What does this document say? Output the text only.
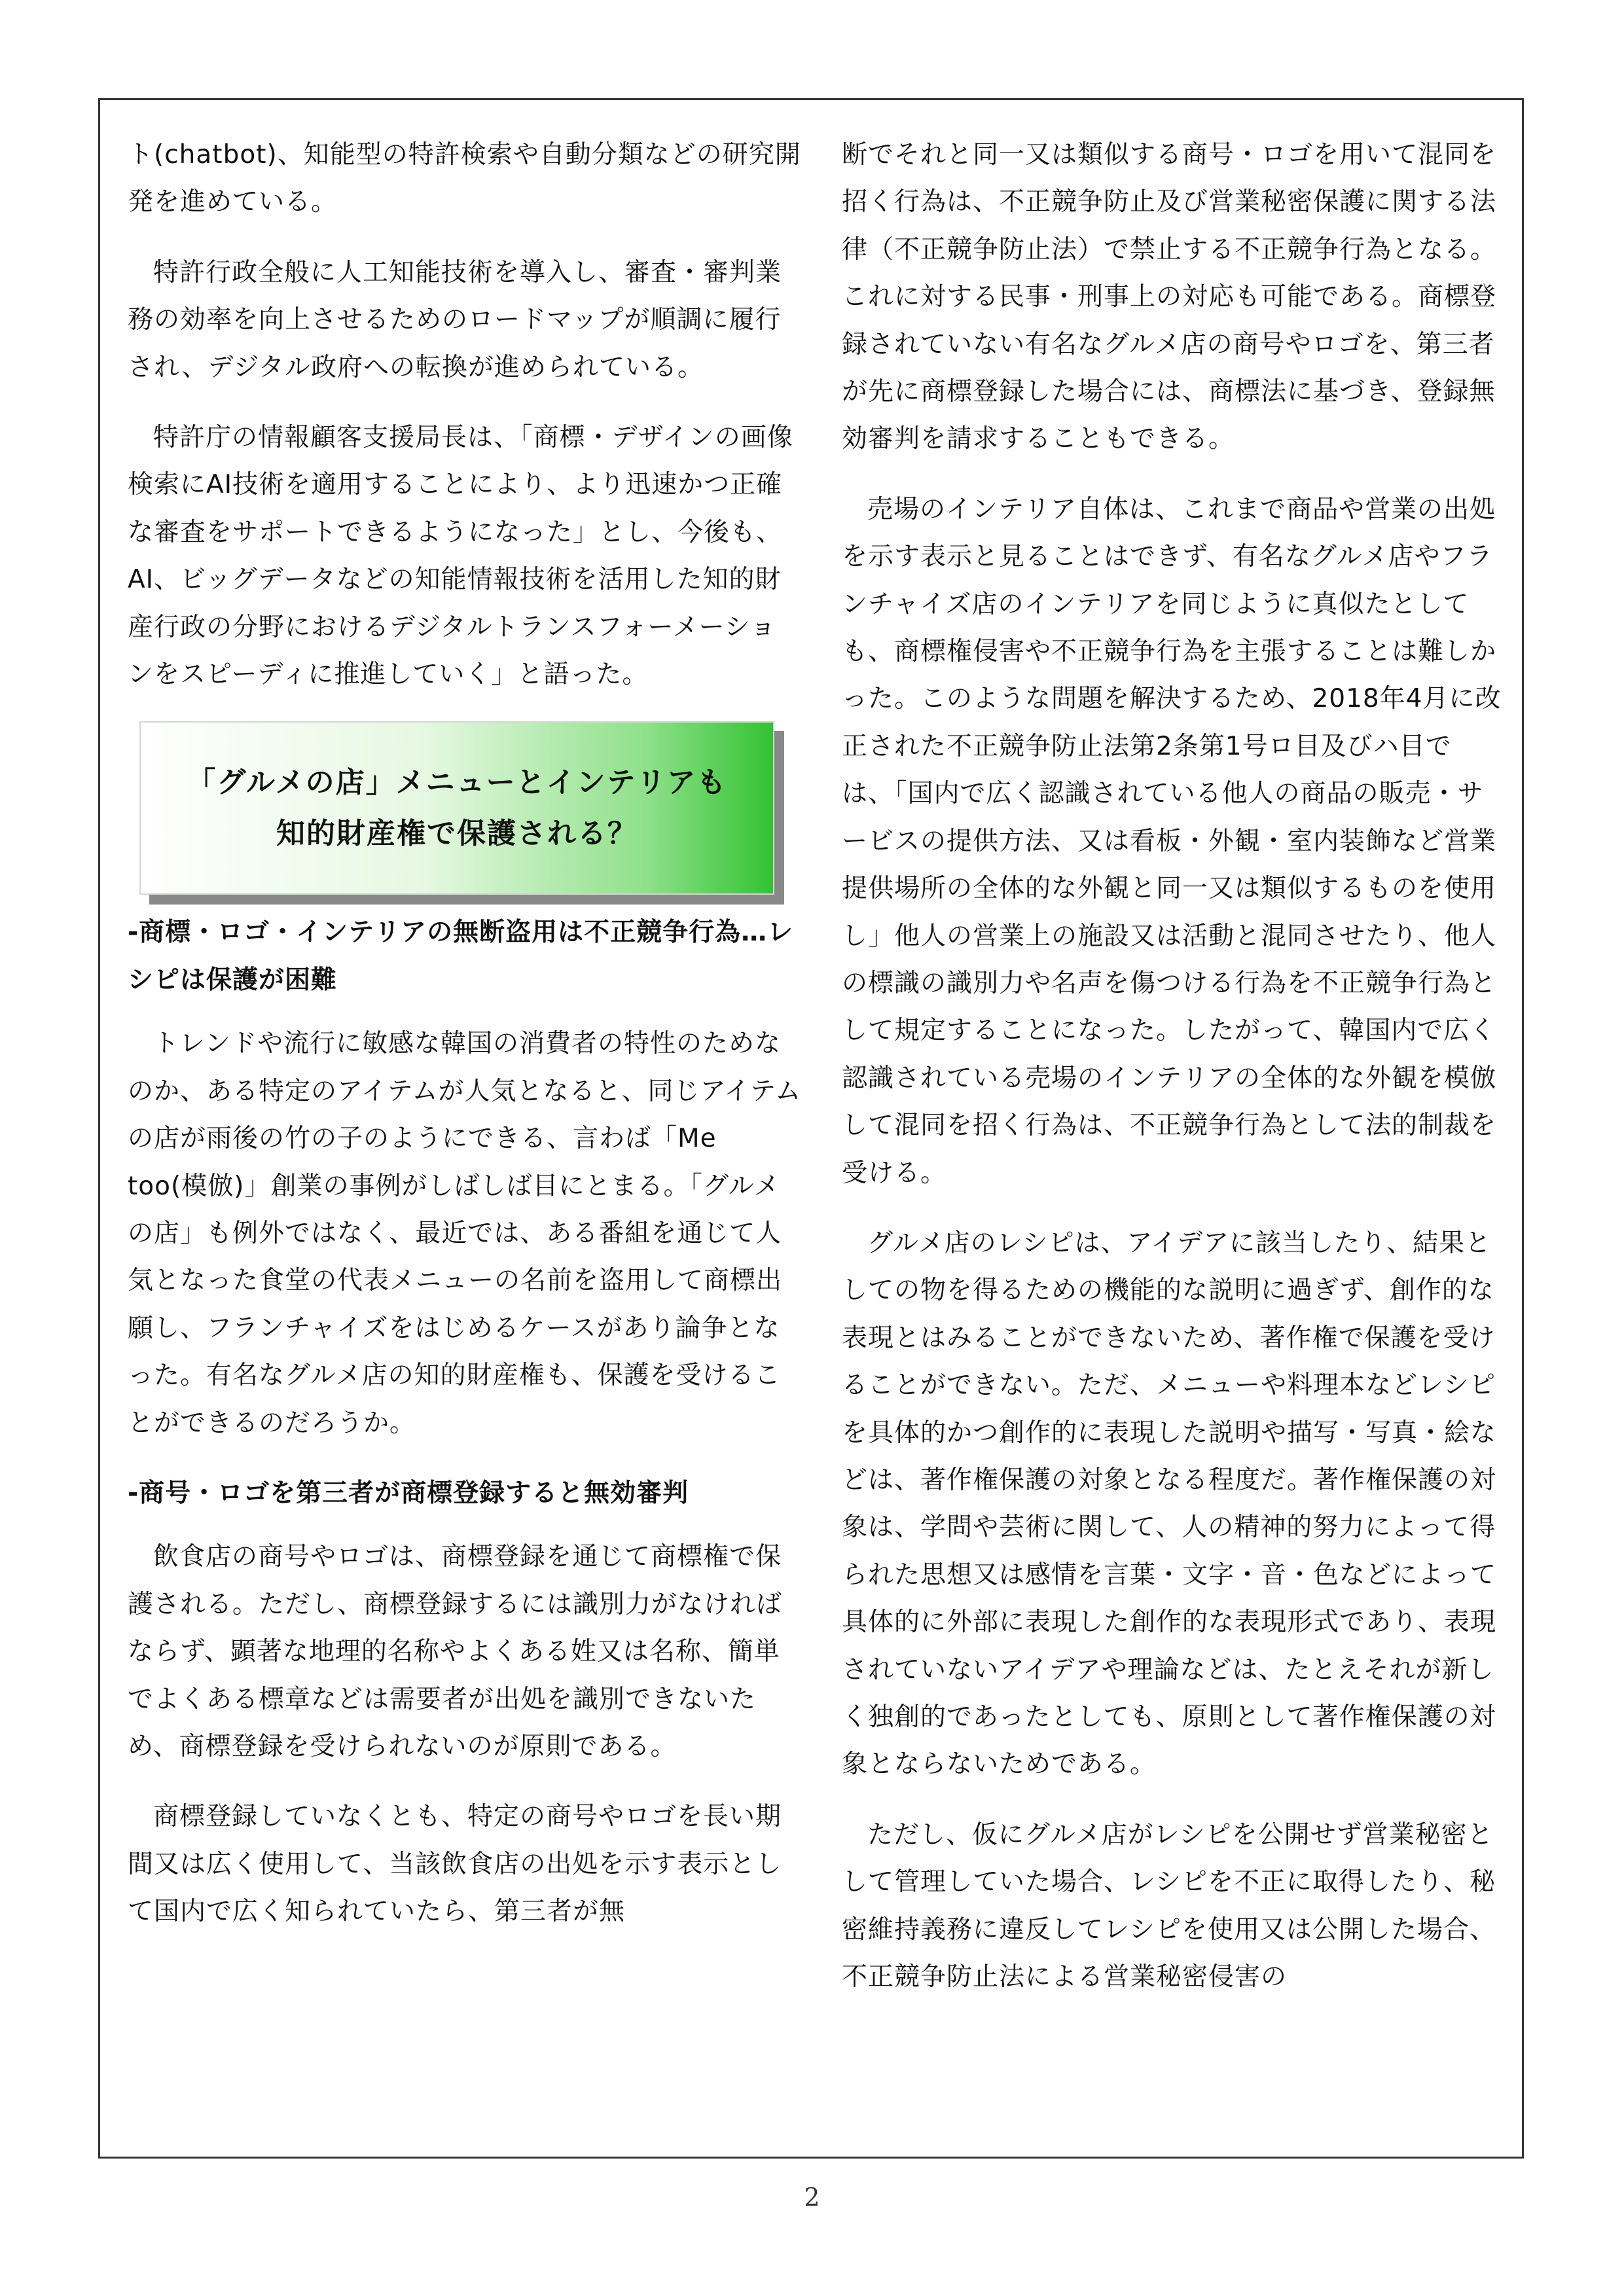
ト(chatbot)、知能型の特許検索や自動分類などの研究開発を進めている。

特許行政全般に人工知能技術を導入し、審査・審判業務の効率を向上させるためのロードマップが順調に履行され、デジタル政府への転換が進められている。

特許庁の情報顧客支援局長は、「商標・デザインの画像検索にAI技術を適用することにより、より迅速かつ正確な審査をサポートできるようになった」とし、今後も、AI、ビッグデータなどの知能情報技術を活用した知的財産行政の分野におけるデジタルトランスフォーメーションをスピーディに推進していく」と語った。

「グルメの店」メニューとインテリアも
知的財産権で保護される？

-商標・ロゴ・インテリアの無断盗用は不正競争行為…レシピは保護が困難

トレンドや流行に敏感な韓国の消費者の特性のためなのか、ある特定のアイテムが人気となると、同じアイテムの店が雨後の竹の子のようにできる、言わば「Me too(模倣)」創業の事例がしばしば目にとまる。「グルメの店」も例外ではなく、最近では、ある番組を通じて人気となった食堂の代表メニューの名前を盗用して商標出願し、フランチャイズをはじめるケースがあり論争となった。有名なグルメ店の知的財産権も、保護を受けることができるのだろうか。

-商号・ロゴを第三者が商標登録すると無効審判

飲食店の商号やロゴは、商標登録を通じて商標権で保護される。ただし、商標登録するには識別力がなければならず、顕著な地理的名称やよくある姓又は名称、簡単でよくある標章などは需要者が出処を識別できないため、商標登録を受けられないのが原則である。

商標登録していなくとも、特定の商号やロゴを長い期間又は広く使用して、当該飲食店の出処を示す表示として国内で広く知られていたら、第三者が無

断でそれと同一又は類似する商号・ロゴを用いて混同を招く行為は、不正競争防止及び営業秘密保護に関する法律（不正競争防止法）で禁止する不正競争行為となる。これに対する民事・刑事上の対応も可能である。商標登録されていない有名なグルメ店の商号やロゴを、第三者が先に商標登録した場合には、商標法に基づき、登録無効審判を請求することもできる。

売場のインテリア自体は、これまで商品や営業の出処を示す表示と見ることはできず、有名なグルメ店やフランチャイズ店のインテリアを同じように真似たとしても、商標権侵害や不正競争行為を主張することは難しかった。このような問題を解決するため、2018年4月に改正された不正競争防止法第2条第1号ロ目及びハ目では、「国内で広く認識されている他人の商品の販売・サービスの提供方法、又は看板・外観・室内装飾など営業提供場所の全体的な外観と同一又は類似するものを使用し」他人の営業上の施設又は活動と混同させたり、他人の標識の識別力や名声を傷つける行為を不正競争行為として規定することになった。したがって、韓国内で広く認識されている売場のインテリアの全体的な外観を模倣して混同を招く行為は、不正競争行為として法的制裁を受ける。

グルメ店のレシピは、アイデアに該当したり、結果としての物を得るための機能的な説明に過ぎず、創作的な表現とはみることができないため、著作権で保護を受けることができない。ただ、メニューや料理本などレシピを具体的かつ創作的に表現した説明や描写・写真・絵などは、著作権保護の対象となる程度だ。著作権保護の対象は、学問や芸術に関して、人の精神的努力によって得られた思想又は感情を言葉・文字・音・色などによって具体的に外部に表現した創作的な表現形式であり、表現されていないアイデアや理論などは、たとえそれが新しく独創的であったとしても、原則として著作権保護の対象とならないためである。

ただし、仮にグルメ店がレシピを公開せず営業秘密として管理していた場合、レシピを不正に取得したり、秘密維持義務に違反してレシピを使用又は公開した場合、不正競争防止法による営業秘密侵害の

2
